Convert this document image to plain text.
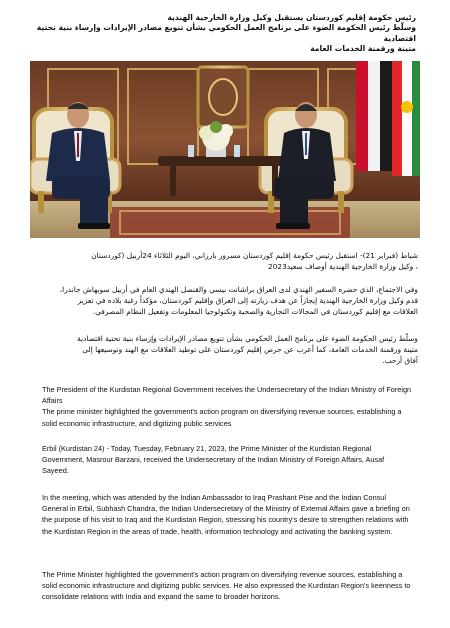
رئيس حكومة إقليم كوردستان يستقبل وكيل وزارة الخارجية الهندية
وسلّط رئيس الحكومة الضوء على برنامج العمل الحكومي بشأن تنويع مصادر الإيرادات وإرساء بنية تحتية اقتصادية
متينة ورقمنة الخدمات العامة
شباط (فبراير 21)- استقبل رئيس حكومة إقليم كوردستان مسرور بارزاني، اليوم الثلاثاء 24أربيل (كوردستان
، وكيل وزارة الخارجية الهندية أوصاف سعيد2023
وفي الاجتماع، الذي حضره السفير الهندي لدى العراق براشانت بيسي والقنصل الهندي العام في أربيل سوبهاش جاندرا،
قدم وكيل وزارة الخارجية الهندية إيجازاً عن هدف زيارته إلى العراق وإقليم كوردستان، مؤكداً رغبة بلاده في تعزيز
العلاقات مع إقليم كوردستان في المجالات التجارية والصحية وتكنولوجيا المعلومات وتفعيل النظام المصرفي.
وسلّط رئيس الحكومة الضوء على برنامج العمل الحكومي بشأن تنويع مصادر الإيرادات وإرساء بنية تحتية اقتصادية
متينة ورقمنة الخدمات العامة، كما أعرب عن حرص إقليم كوردستان على توطيد العلاقات مع الهند وتوسيعها إلى
آفاق أرحب.

The President of the Kurdistan Regional Government receives the Undersecretary of the Indian Ministry of Foreign Affairs

The prime minister highlighted the government's action program on diversifying revenue sources, establishing a solid economic infrastructure, and digitizing public services

Erbil (Kurdistan 24) - Today, Tuesday, February 21, 2023, the Prime Minister of the Kurdistan Regional Government, Masrour Barzani, received the Undersecretary of the Indian Ministry of Foreign Affairs, Ausaf Sayeed.

In the meeting, which was attended by the Indian Ambassador to Iraq Prashant Pise and the Indian Consul General in Erbil, Subhash Chandra, the Indian Undersecretary of the Ministry of External Affairs gave a briefing on the purpose of his visit to Iraq and the Kurdistan Region, stressing his country's desire to strengthen relations with the Kurdistan Region in the areas of trade, health, information technology and activating the banking system.

The Prime Minister highlighted the government's action program on diversifying revenue sources, establishing a solid economic infrastructure and digitizing public services. He also expressed the Kurdistan Region's keenness to consolidate relations with India and expand the same to broader horizons.
